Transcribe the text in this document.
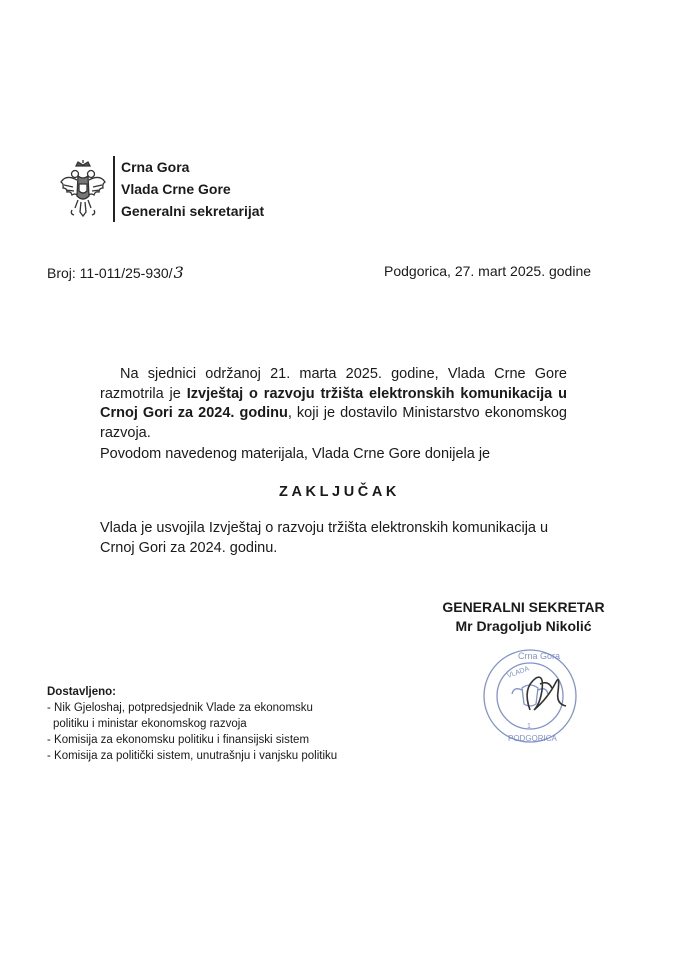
Crna Gora
Vlada Crne Gore
Generalni sekretarijat
Broj: 11-011/25-930/3	Podgorica, 27. mart 2025. godine

Na sjednici održanoj 21. marta 2025. godine, Vlada Crne Gore razmotrila je Izvještaj o razvoju tržišta elektronskih komunikacija u Crnoj Gori za 2024. godinu, koji je dostavilo Ministarstvo ekonomskog razvoja.

Povodom navedenog materijala, Vlada Crne Gore donijela je

ZAKLJUČAK

Vlada je usvojila Izvještaj o razvoju tržišta elektronskih komunikacija u Crnoj Gori za 2024. godinu.

GENERALNI SEKRETAR
Mr Dragoljub Nikolić
Crna Gora
VLADA
1
PODGORICA
Dostavljeno:
- Nik Gjeloshaj, potpredsjednik Vlade za ekonomsku
politiku i ministar ekonomskog razvoja
- Komisija za ekonomsku politiku i finansijski sistem
- Komisija za politički sistem, unutrašnju i vanjsku politiku
